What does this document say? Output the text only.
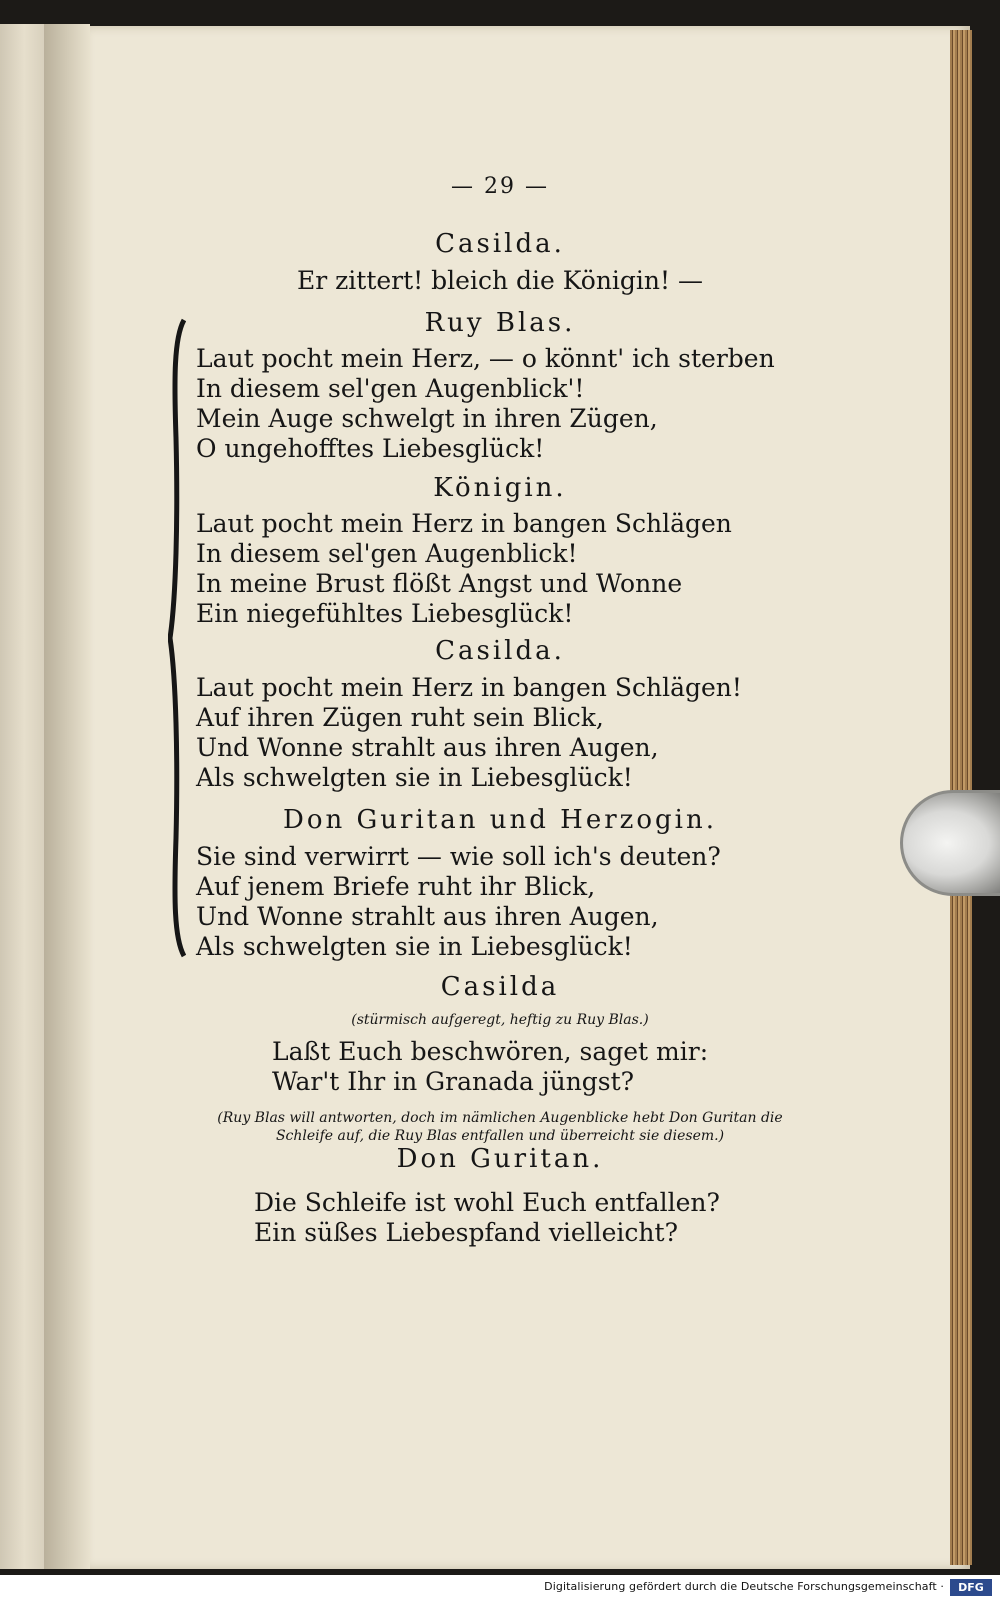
— 29 —
Casilda.
Er zittert! bleich die Königin! —
Ruy Blas.
Laut pocht mein Herz, — o könnt' ich sterben
In diesem sel'gen Augenblick'!
Mein Auge schwelgt in ihren Zügen,
O ungehofftes Liebesglück!
Königin.
Laut pocht mein Herz in bangen Schlägen
In diesem sel'gen Augenblick!
In meine Brust flößt Angst und Wonne
Ein niegefühltes Liebesglück!
Casilda.
Laut pocht mein Herz in bangen Schlägen!
Auf ihren Zügen ruht sein Blick,
Und Wonne strahlt aus ihren Augen,
Als schwelgten sie in Liebesglück!
Don Guritan und Herzogin.
Sie sind verwirrt — wie soll ich's deuten?
Auf jenem Briefe ruht ihr Blick,
Und Wonne strahlt aus ihren Augen,
Als schwelgten sie in Liebesglück!
Casilda
(stürmisch aufgeregt, heftig zu Ruy Blas.)
Laßt Euch beschwören, saget mir:
War't Ihr in Granada jüngst?
(Ruy Blas will antworten, doch im nämlichen Augenblicke hebt Don Guritan die
Schleife auf, die Ruy Blas entfallen und überreicht sie diesem.)
Don Guritan.
Die Schleife ist wohl Euch entfallen?
Ein süßes Liebespfand vielleicht?
Digitalisierung gefördert durch die Deutsche Forschungsgemeinschaft ·	DFG
